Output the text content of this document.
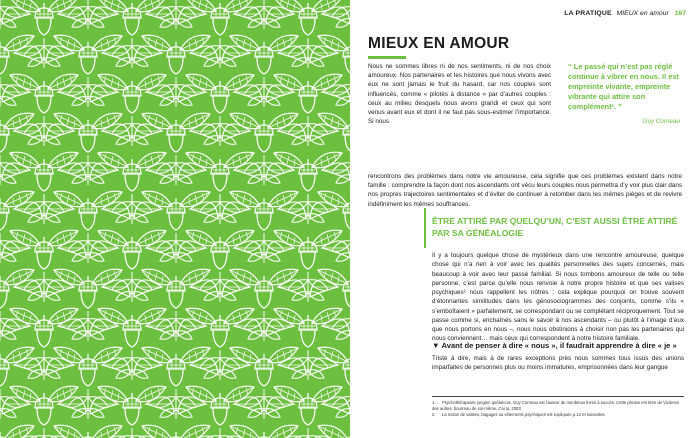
LA PRATIQUE MIEUX en amour 167
MIEUX EN AMOUR

Nous ne sommes libres ni de nos sentiments, ni de nos choix amoureux. Nos partenaires et les histoires que nous vivons avec eux ne sont jamais le fruit du hasard, car nos couples sont influencés, comme « pilotés à distance » par d’autres couples : ceux au milieu desquels nous avons grandi et ceux qui sont venus avant eux et dont il ne faut pas sous-estimer l’importance. Si nous

“ Le passé qui n’est pas réglé continue à vibrer en nous. Il est empreinte vivante, empreinte vibrante qui attire son complément¹. ”

Guy Corneau

rencontrons des problèmes dans notre vie amoureuse, cela signifie que ces problèmes existent dans notre famille : comprendre la façon dont nos ascendants ont vécu leurs couples nous permettra d’y voir plus clair dans nos propres trajectoires sentimentales et d’éviter de continuer à retomber dans les mêmes pièges et de revivre indéfiniment les mêmes souffrances.

ÊTRE ATTIRÉ PAR QUELQU’UN, C’EST AUSSI ÊTRE ATTIRÉ PAR SA GÉNÉALOGIE

Il y a toujours quelque chose de mystérieux dans une rencontre amoureuse, quelque chose qui n’a rien à voir avec les qualités personnelles des sujets concernés, mais beaucoup à voir avec leur passé familial. Si nous tombons amoureux de telle ou telle personne, c’est parce qu’elle nous renvoie à notre propre histoire et que ses valises psychiques² nous rappellent les nôtres : cela explique pourquoi on trouve souvent d’étonnantes similitudes dans les génosociogrammes des conjoints, comme s’ils « s’emboîtaient » parfaitement, se correspondant ou se complétant réciproquement. Tout se passe comme si, enchaînés sans le savoir à nos ascendants – ou plutôt à l’image d’eux que nous portons en nous –, nous nous obstinions à choisir non pas les partenaires qui nous conviennent… mais ceux qui correspondent à notre histoire familiale.

▼ Avant de penser à dire « nous », il faudrait apprendre à dire « je »

Triste à dire, mais à de rares exceptions près nous sommes tous issus des unions imparfaites de personnes plus ou moins immatures, emprisonnées dans leur gangue

1. Psychothérapeute jungien québécois, Guy Corneau est l’auteur de nombreux livres à succès. Cette phrase est tirée de Victimes des autres, bourreau de soi-même, J’ai lu, 2003.

2. La notion de valises, bagages ou vêtements psychiques est expliquée p.12 et suivantes.
